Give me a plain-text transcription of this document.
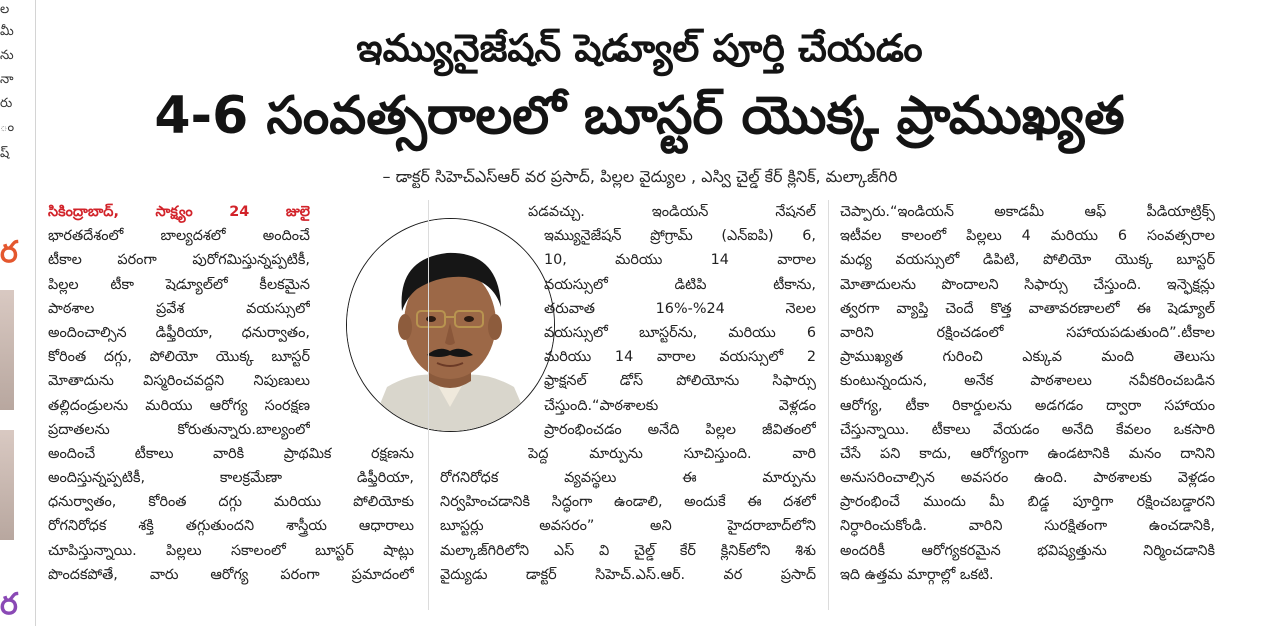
ల
మీ
ను
నా
రు
ం
ష్
ర
ర
ఇమ్యునైజేషన్ షెడ్యూల్ పూర్తి చేయడం
4-6 సంవత్సరాలలో బూస్టర్ యొక్క ప్రాముఖ్యత
– డాక్టర్ సిహెచ్ఎస్ఆర్ వర ప్రసాద్, పిల్లల వైద్యుల , ఎస్వి చైల్డ్ కేర్ క్లినిక్, మల్కాజ్‌గిరి
సికింద్రాబాద్, సాక్ష్యం 24 జులై
భారతదేశంలో బాల్యదశలో అందించే
టీకాల పరంగా పురోగమిస్తున్నప్పటికీ,
పిల్లల టీకా షెడ్యూల్‌లో కీలకమైన
పాఠశాల ప్రవేశ వయస్సులో
అందించాల్సిన డిఫ్తీరియా, ధనుర్వాతం,
కోరింత దగ్గు, పోలియో యొక్క బూస్టర్
మోతాదును విస్మరించవద్దని నిపుణులు
తల్లిదండ్రులను మరియు ఆరోగ్య సంరక్షణ
ప్రదాతలను కోరుతున్నారు.బాల్యంలో
అందించే టీకాలు వారికి ప్రాథమిక రక్షణను
అందిస్తున్నప్పటికీ, కాలక్రమేణా డిఫ్తీరియా,
ధనుర్వాతం, కోరింత దగ్గు మరియు పోలియోకు
రోగనిరోధక శక్తి తగ్గుతుందని శాస్త్రీయ ఆధారాలు
చూపిస్తున్నాయి. పిల్లలు సకాలంలో బూస్టర్ షాట్లు
పొందకపోతే, వారు ఆరోగ్య పరంగా ప్రమాదంలో
పడవచ్చు. ఇండియన్ నేషనల్
ఇమ్యునైజేషన్ ప్రోగ్రామ్ (ఎన్ఐపి) 6,
10, మరియు 14 వారాల
వయస్సులో డిటిపి టీకాను,
తరువాత 16%-%24 నెలల
వయస్సులో బూస్టర్‌ను, మరియు 6
మరియు 14 వారాల వయస్సులో 2
ఫ్రాక్షనల్ డోస్ పోలియోను సిఫార్సు
చేస్తుంది.“పాఠశాలకు వెళ్లడం
ప్రారంభించడం అనేది పిల్లల జీవితంలో
పెద్ద మార్పును సూచిస్తుంది. వారి
రోగనిరోధక వ్యవస్థలు ఈ మార్పును
నిర్వహించడానికి సిద్ధంగా ఉండాలి, అందుకే ఈ దశలో
బూస్టర్లు అవసరం” అని హైదరాబాద్‌లోని
మల్కాజ్‌గిరిలోని ఎస్ వి చైల్డ్ కేర్ క్లినిక్‌లోని శిశు
వైద్యుడు డాక్టర్ సిహెచ్.ఎస్.ఆర్. వర ప్రసాద్
చెప్పారు.“ఇండియన్ అకాడమీ ఆఫ్ పీడియాట్రిక్స్
ఇటీవల కాలంలో పిల్లలు 4 మరియు 6 సంవత్సరాల
మధ్య వయస్సులో డిపిటి, పోలియో యొక్క బూస్టర్
మోతాదులను పొందాలని సిఫార్సు చేస్తుంది. ఇన్ఫెక్షన్లు
త్వరగా వ్యాప్తి చెందే కొత్త వాతావరణాలలో ఈ షెడ్యూల్
వారిని రక్షించడంలో సహాయపడుతుంది”.టీకాల
ప్రాముఖ్యత గురించి ఎక్కువ మంది తెలుసు
కుంటున్నందున, అనేక పాఠశాలలు నవీకరించబడిన
ఆరోగ్య, టీకా రికార్డులను అడగడం ద్వారా సహాయం
చేస్తున్నాయి. టీకాలు వేయడం అనేది కేవలం ఒకసారి
చేసే పని కాదు, ఆరోగ్యంగా ఉండటానికి మనం దానిని
అనుసరించాల్సిన అవసరం ఉంది. పాఠశాలకు వెళ్లడం
ప్రారంభించే ముందు మీ బిడ్డ పూర్తిగా రక్షించబడ్డారని
నిర్ధారించుకోండి. వారిని సురక్షితంగా ఉంచడానికి,
అందరికీ ఆరోగ్యకరమైన భవిష్యత్తును నిర్మించడానికి
ఇది ఉత్తమ మార్గాల్లో ఒకటి.
